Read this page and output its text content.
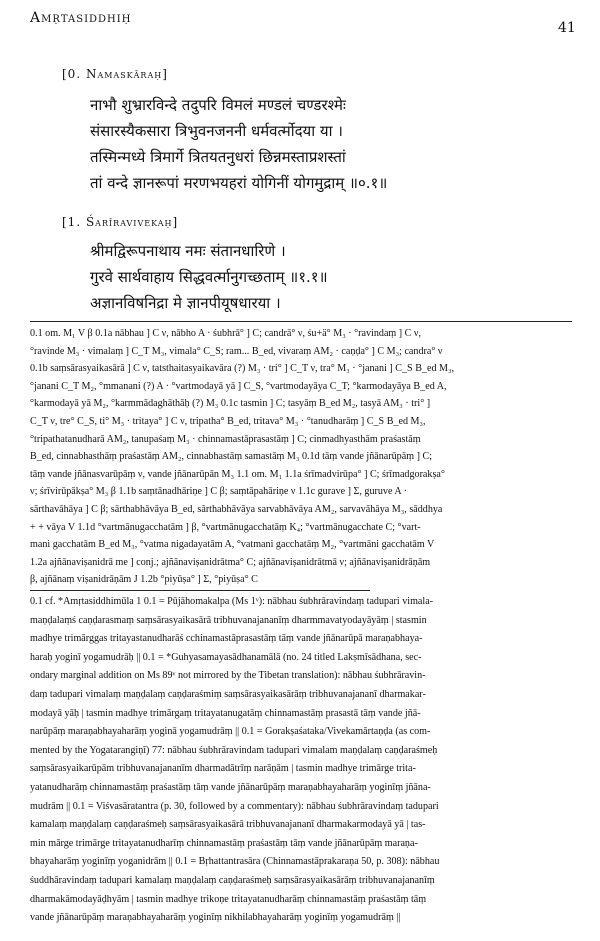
Amṛtasiddhiḥ
41
[0. Namaskāraḥ]
नाभौ शुभ्रारविन्दे तदुपरि विमलं मण्डलं चण्डरश्मेः
संसारस्यैकसारा त्रिभुवनजननी धर्मवर्त्मोदया या ।
तस्मिन्मध्ये त्रिमार्गे त्रितयतनुधरां छिन्नमस्ताप्रशस्तां
तां वन्दे ज्ञानरूपां मरणभयहरां योगिनीं योगमुद्राम् ॥०.१॥
[1. Śarīravivekaḥ]
श्रीमद्विरूपनाथाय नमः संतानधारिणे ।
गुरवे सार्थवाहाय सिद्धवर्त्मानुगच्छताम् ॥१.१॥
अज्ञानविषनिद्रा मे ज्ञानपीयूषधारया ।
0.1 om. M₁ V β 0.1a nābhau ] C ν, nābho A · śubhrā° ] C; candrā° ν, śu+ä° M₃ · °ravindaṃ ] C ν,
°ravinde M₃ · vimalaṃ ] C_T M₃, vimala° C_S; ram... B_ed, vivaraṃ AM₂ · caṇḍa° ] C M₃; candra° ν
0.1b saṃsārasyaikasārā ] C ν, tatsthaitasyaikavāra (?) M₃ · tri° ] C_T ν, tra° M₃ · °janani ] C_S B_ed M₃,
°janani C_T M₂, °mmanani (?) A · °vartmodayā yā ] C_S, °vartmodayāya C_T; °karmodayāya B_ed A,
°karmodayā yā M₂, °karmmādaghāthāḥ (?) M₃ 0.1c tasmin ] C; tasyāṃ B_ed M₂, tasyā AM₃ · tri° ]
C_T ν, tre° C_S, ti° M₃ · tritaya° ] C ν, tripatha° B_ed, tritava° M₃ · °tanudharāṃ ] C_S B_ed M₃,
°tripathatanudharā AM₂, tanupaśaṃ M₃ · chinnamastāprasastāṃ ] C; cinmadhyasthām praśastāṃ
B_ed, cinnabhasthāṃ praśastāṃ AM₂, cinnabhastāṃ samastāṃ M₃ 0.1d tāṃ vande jñānarūpāṃ ] C;
tāṃ vande jñānasvarūpāṃ ν, vande jñānarūpān M₃ 1.1 om. M₁ 1.1a śrīmadvirūpa° ] C; śrīmadgorakṣa°
ν; śrīvirūpākṣa° M₃ β 1.1b saṃtānadhāriṇe ] C β; saṃtāpahāriṇe ν 1.1c gurave ] Σ, guruve A ·
sārthavāhāya ] C β; sārthabhāvāya B_ed, sārthabhāvāya sarvabhāvāya AM₂, sarvavāhāya M₃, sāddhya
+ + vāya V 1.1d °vartmānugacchatām ] β, °vartmānugacchatāṃ K₄; °vartmānugacchate C; °vart-
mani gacchatām B_ed M₃, °vatma nigadayatām A, °vatmani gacchatāṃ M₂, °vartmāni gacchatām V
1.2a ajñānaviṣanidrā me ] conj.; ajñānaviṣanidrātma° C; ajñānaviṣanidrātmā ν; ajñānaviṣanidrāṇām
β, ajñānaṃ viṣanidrāṇām J 1.2b °piyūṣa° ] Σ, °piyūṣa° C
0.1 cf. *Amṛtasiddhimūla 1 0.1 = Pūjāhomakalpa (Ms 1ᵛ): nābhau śubhrāravindaṃ tadupari vimala-
maṇḍalaṃś caṇḍarasmaṃ saṃsārasyaikasārā tribhuvanajananīṃ dharmmavatyodayāyāṃ | stasmin
madhye trimārggas tritayastanudharāś cchinamastāprasastāṃ tāṃ vande jñānarūpā maraṇabhaya-
haraḥ yoginī yogamudrāḥ || 0.1 = *Guhyasamayasādhanamālā (no. 24 titled Lakṣmīsādhana, sec-
ondary marginal addition on Ms 89ᵛ not mirrored by the Tibetan translation): nābhau śubhrāravin-
daṃ tadupari vimalaṃ maṇḍalaṃ caṇḍaraśmiṃ saṃsārasyaikasārāṃ tribhuvanajananī dharmakar-
modayā yāḥ | tasmin madhye trimārgaṃ tritayatanugatāṃ chinnamastāṃ prasastā tāṃ vande jñā-
narūpāṃ maraṇabhayaharāṃ yoginā yogamudrāṃ || 0.1 = Gorakṣaśataka/Vivekamārtaṇḍa (as com-
mented by the Yogatarangiṇī) 77: nābhau śubhrāravindam tadupari vimalam maṇḍalaṃ caṇḍaraśmeḥ
saṃsārasyaikarūpām tribhuvanajananīm dharmadātrīṃ narāṇām | tasmin madhye trimārge trita-
yatanudharāṃ chinnamastāṃ praśastāṃ tāṃ vande jñānarūpāṃ maraṇabhayaharāṃ yoginīṃ jñāna-
mudrām || 0.1 = Viśvasāratantra (p. 30, followed by a commentary): nābhau śubhrāravindaṃ tadupari
kamalaṃ maṇḍalaṃ caṇḍaraśmeḥ saṃsārasyaikasārā tribhuvanajananī dharmakarmodayā yā | tas-
min mārge trimārge tritayatanudharīṃ chinnamastāṃ praśastāṃ tāṃ vande jñānarūpāṃ maraṇa-
bhayaharāṃ yoginīṃ yoganidrām || 0.1 = Bṛhattantrasāra (Chinnamastāprakaraṇa 50, p. 308): nābhau
śuddhāravindaṃ tadupari kamalaṃ maṇḍalaṃ caṇḍaraśmeḥ saṃsārasyaikasārāṃ tribhuvanajananīṃ
dharmakāmodayāḍhyām | tasmin madhye trikoṇe tritayatanudharāṃ chinnamastāṃ praśastāṃ tāṃ
vande jñānarūpāṃ maraṇabhayaharāṃ yoginīṃ nikhilabhayaharāṃ yoginīṃ yogamudrāṃ ||
